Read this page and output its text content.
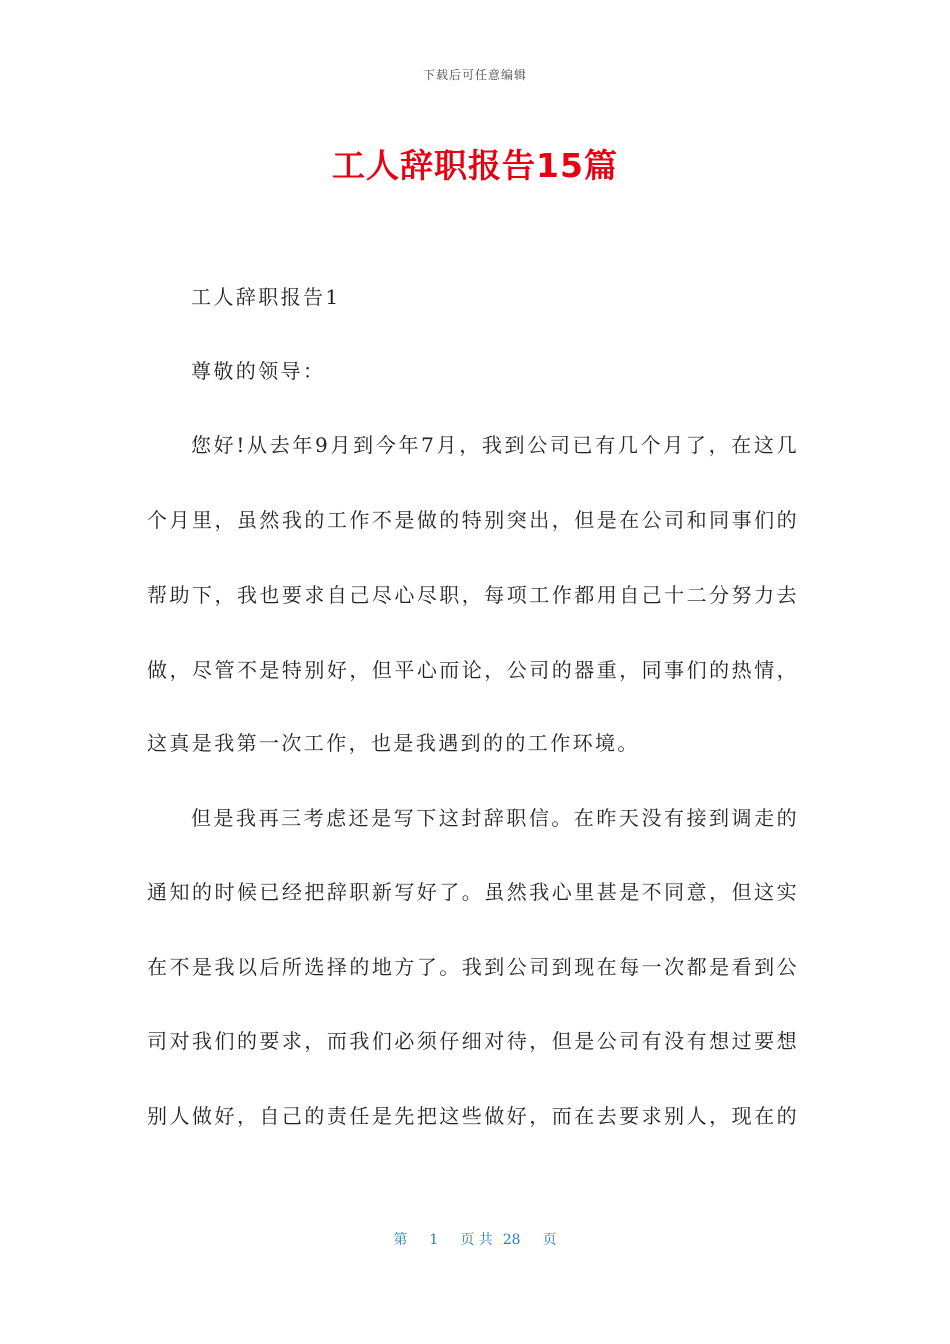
下载后可任意编辑
工人辞职报告15篇
工人辞职报告1
尊敬的领导：
您好!从去年9月到今年7月，我到公司已有几个月了，在这几
个月里，虽然我的工作不是做的特别突出，但是在公司和同事们的
帮助下，我也要求自己尽心尽职，每项工作都用自己十二分努力去
做，尽管不是特别好，但平心而论，公司的器重，同事们的热情，
这真是我第一次工作，也是我遇到的的工作环境。
但是我再三考虑还是写下这封辞职信。在昨天没有接到调走的
通知的时候已经把辞职新写好了。虽然我心里甚是不同意，但这实
在不是我以后所选择的地方了。我到公司到现在每一次都是看到公
司对我们的要求，而我们必须仔细对待，但是公司有没有想过要想
别人做好，自己的责任是先把这些做好，而在去要求别人，现在的
第 1 页 共 28 页
